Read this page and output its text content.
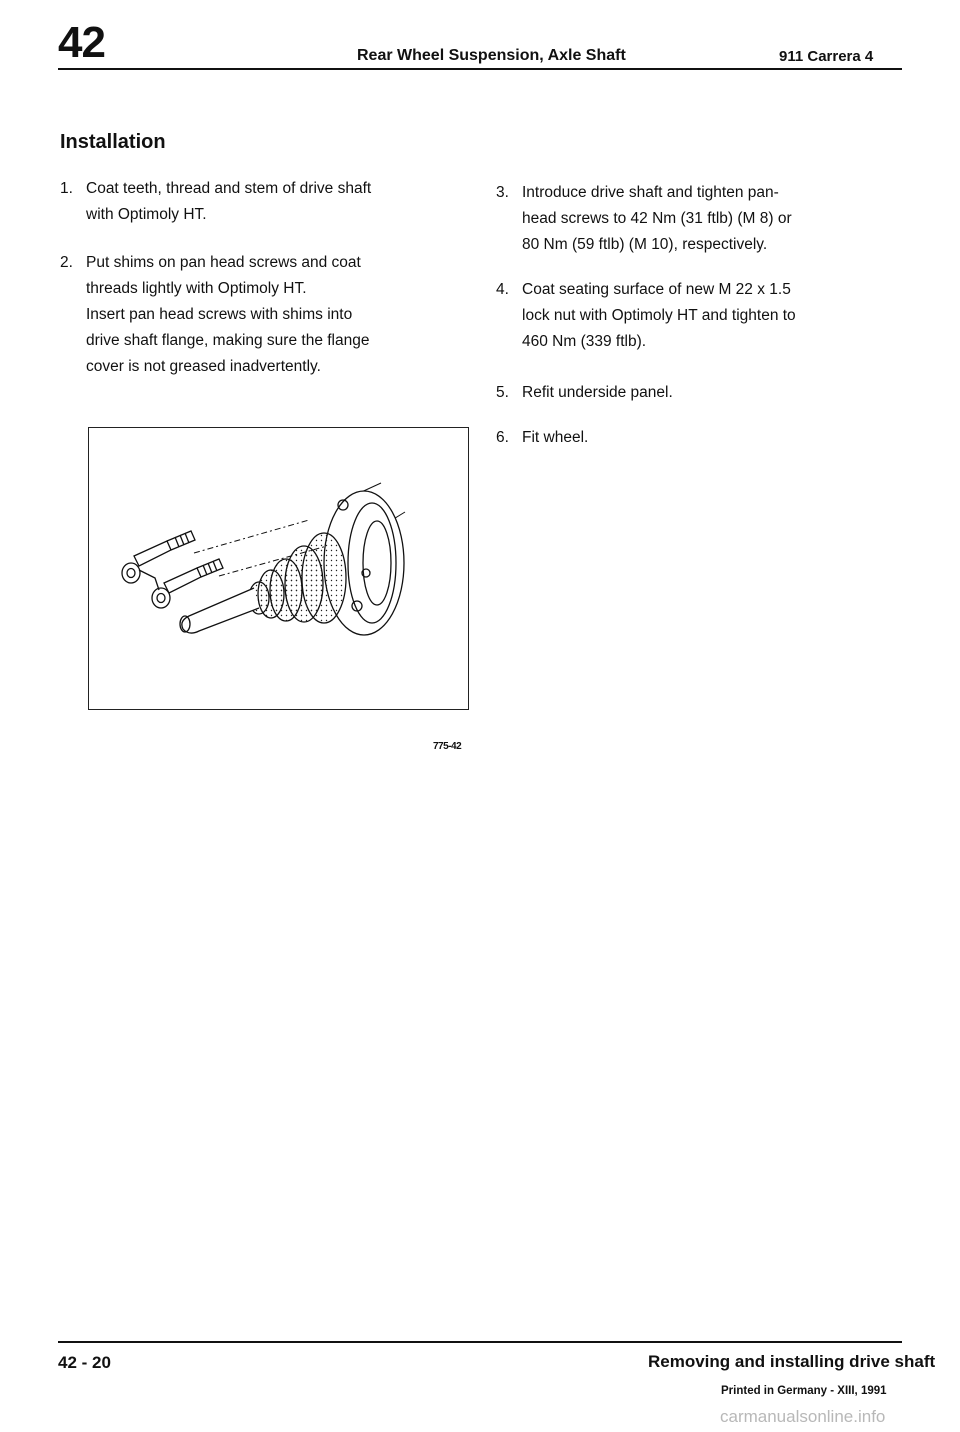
42	Rear Wheel Suspension, Axle Shaft	911 Carrera 4
Installation
1. Coat teeth, thread and stem of drive shaft
with Optimoly HT.
2. Put shims on pan head screws and coat
threads lightly with Optimoly HT.
Insert pan head screws with shims into
drive shaft flange, making sure the flange
cover is not greased inadvertently.
3. Introduce drive shaft and tighten pan-
head screws to 42 Nm (31 ftlb) (M 8) or
80 Nm (59 ftlb) (M 10), respectively.
4. Coat seating surface of new M 22 x 1.5
lock nut with Optimoly HT and tighten to
460 Nm (339 ftlb).
5. Refit underside panel.
6. Fit wheel.
775-42
42 - 20	Removing and installing drive shaft
Printed in Germany - XIII, 1991
carmanualsonline.info
